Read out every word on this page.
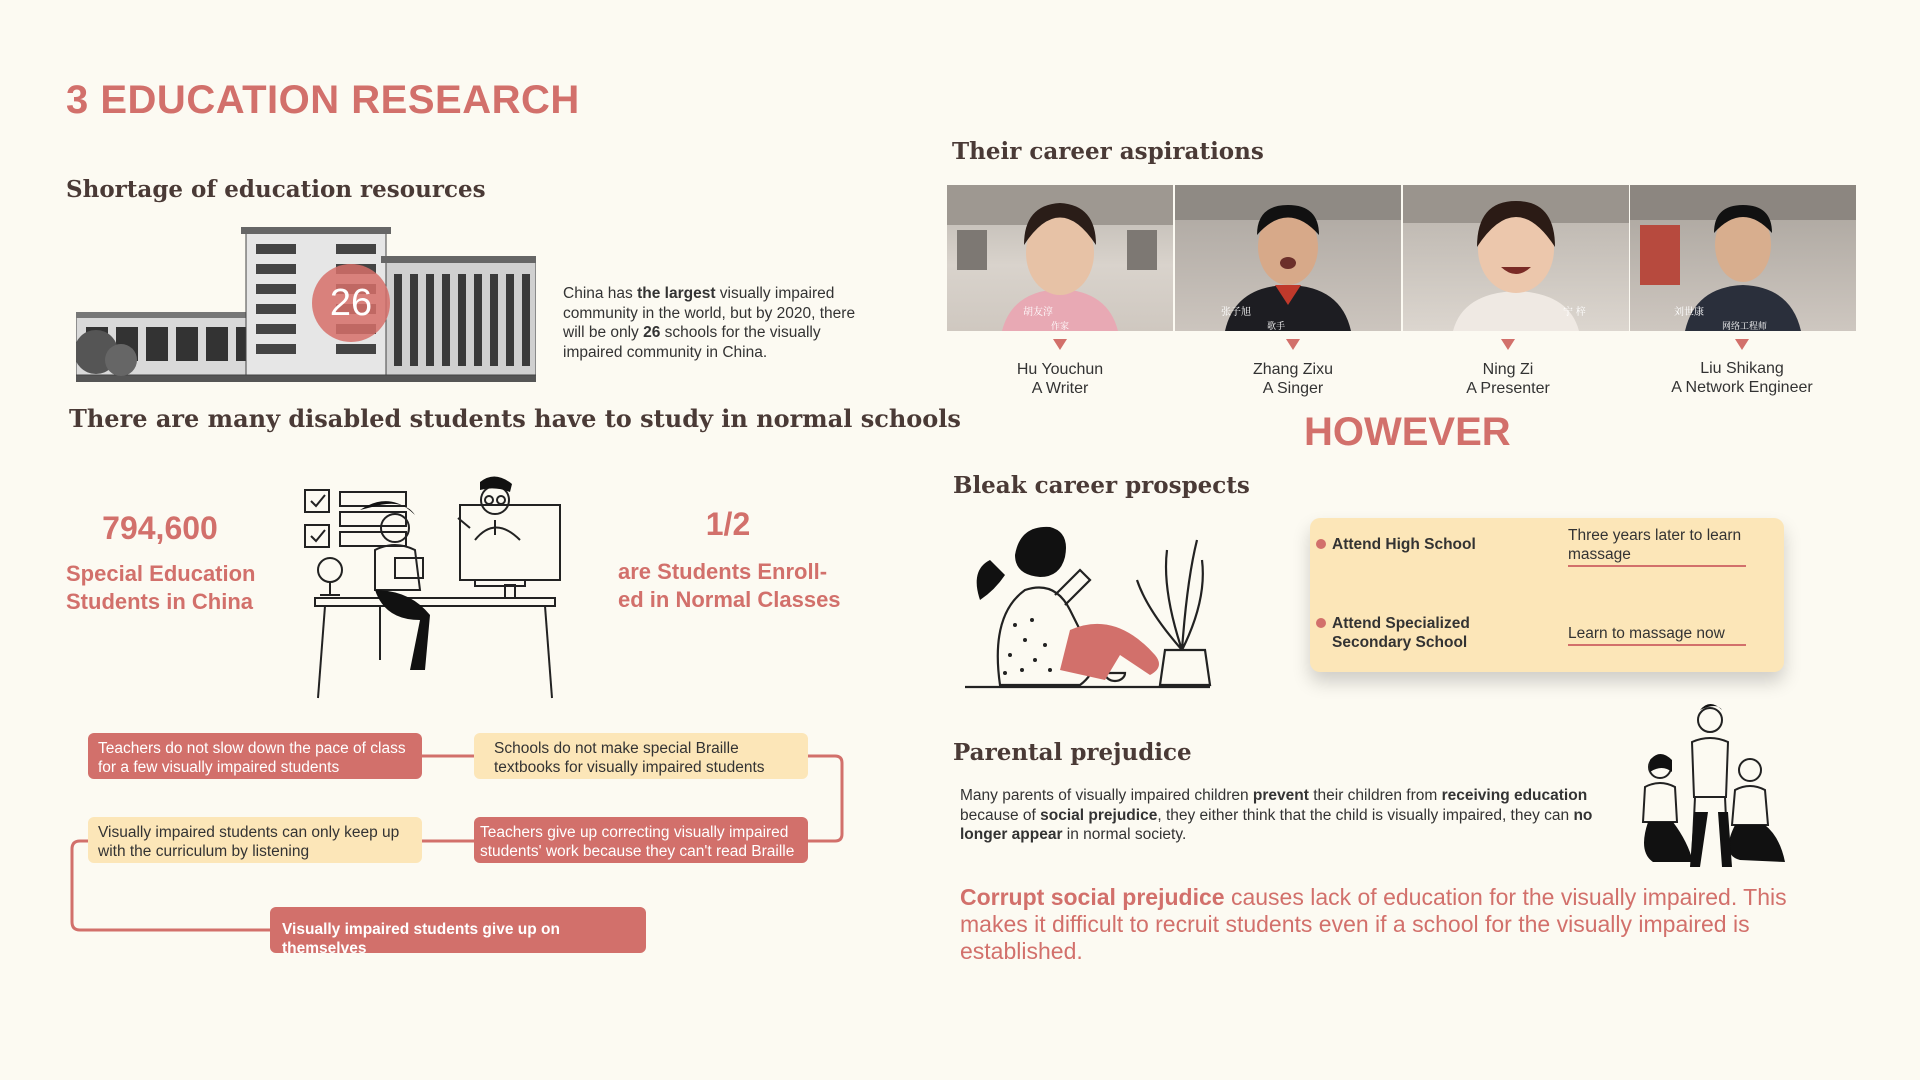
3 EDUCATION RESEARCH
Shortage of education resources
26	China has the largest visually impaired community in the world, but by 2020, there will be only 26 schools for the visually impaired community in China.
There are many disabled students have to study in normal schools
794,600
Special Education
Students in China
1/2
are Students Enroll-
ed in Normal Classes
Teachers do not slow down the pace of class
for a few visually impaired students
Schools do not make special Braille
textbooks for visually impaired students
Visually impaired students can only keep up
with the curriculum by listening
Teachers give up correcting visually impaired
students' work because they can't read Braille
Visually impaired students give up on themselves
Their career aspirations
胡友淳
作家
张子旭
歌手
宁 梓	刘世康
网络工程师
Hu Youchun
A Writer
Zhang Zixu
A Singer
Ning Zi
A Presenter
Liu Shikang
A Network Engineer
HOWEVER
Bleak career prospects
Attend High School
Three years later to learn
massage
Attend Specialized
Secondary School
Learn to massage now
Parental prejudice
Many parents of visually impaired children prevent their children from receiving education because of social prejudice, they either think that the child is visually impaired, they can no longer appear in normal society.
Corrupt social prejudice causes lack of education for the visually impaired. This makes it difficult to recruit students even if a school for the visually impaired is established.
